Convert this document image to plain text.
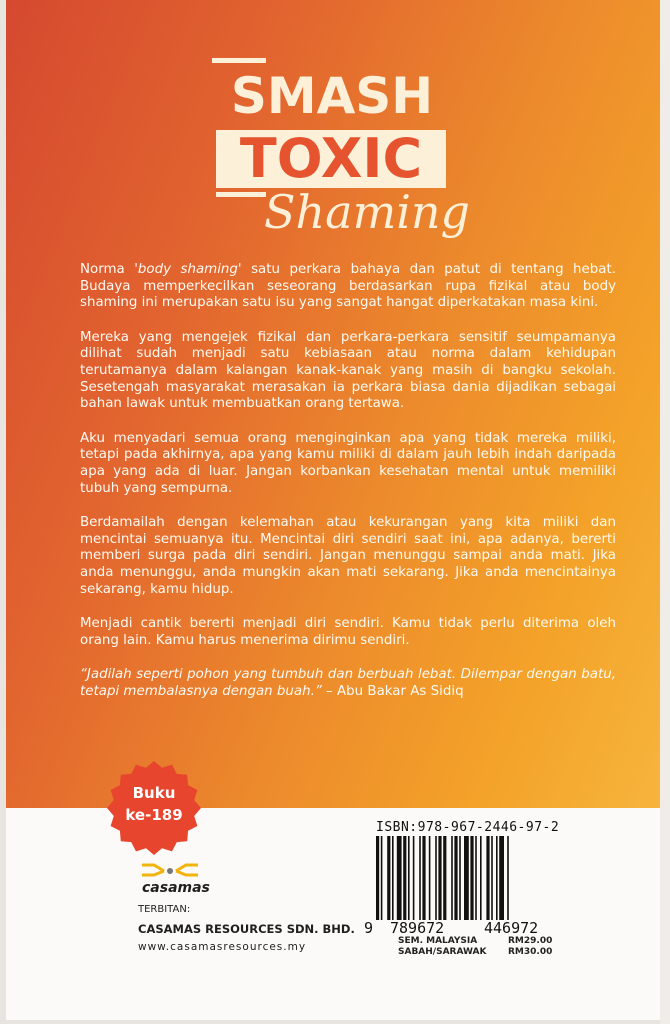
SMASH
TOXIC
Shaming

Norma 'body shaming' satu perkara bahaya dan patut di tentang hebat. Budaya memperkecilkan seseorang berdasarkan rupa fizikal atau body shaming ini merupakan satu isu yang sangat hangat diperkatakan masa kini.

Mereka yang mengejek fizikal dan perkara-perkara sensitif seumpamanya dilihat sudah menjadi satu kebiasaan atau norma dalam kehidupan terutamanya dalam kalangan kanak-kanak yang masih di bangku sekolah. Sesetengah masyarakat merasakan ia perkara biasa dania dijadikan sebagai bahan lawak untuk membuatkan orang tertawa.

Aku menyadari semua orang menginginkan apa yang tidak mereka miliki, tetapi pada akhirnya, apa yang kamu miliki di dalam jauh lebih indah daripada apa yang ada di luar. Jangan korbankan kesehatan mental untuk memiliki tubuh yang sempurna.

Berdamailah dengan kelemahan atau kekurangan yang kita miliki dan mencintai semuanya itu. Mencintai diri sendiri saat ini, apa adanya, bererti memberi surga pada diri sendiri. Jangan menunggu sampai anda mati. Jika anda menunggu, anda mungkin akan mati sekarang. Jika anda mencintainya sekarang, kamu hidup.

Menjadi cantik bererti menjadi diri sendiri. Kamu tidak perlu diterima oleh orang lain. Kamu harus menerima dirimu sendiri.

“Jadilah seperti pohon yang tumbuh dan berbuah lebat. Dilempar dengan batu, tetapi membalasnya dengan buah.” – Abu Bakar As Sidiq

Buku
ke-189
ISBN:978-967-2446-97-2
9 789672	446972
SEM. MALAYSIA	RM29.00
SABAH/SARAWAK	RM30.00
casamas
TERBITAN:
CASAMAS RESOURCES SDN. BHD.
www.casamasresources.my
